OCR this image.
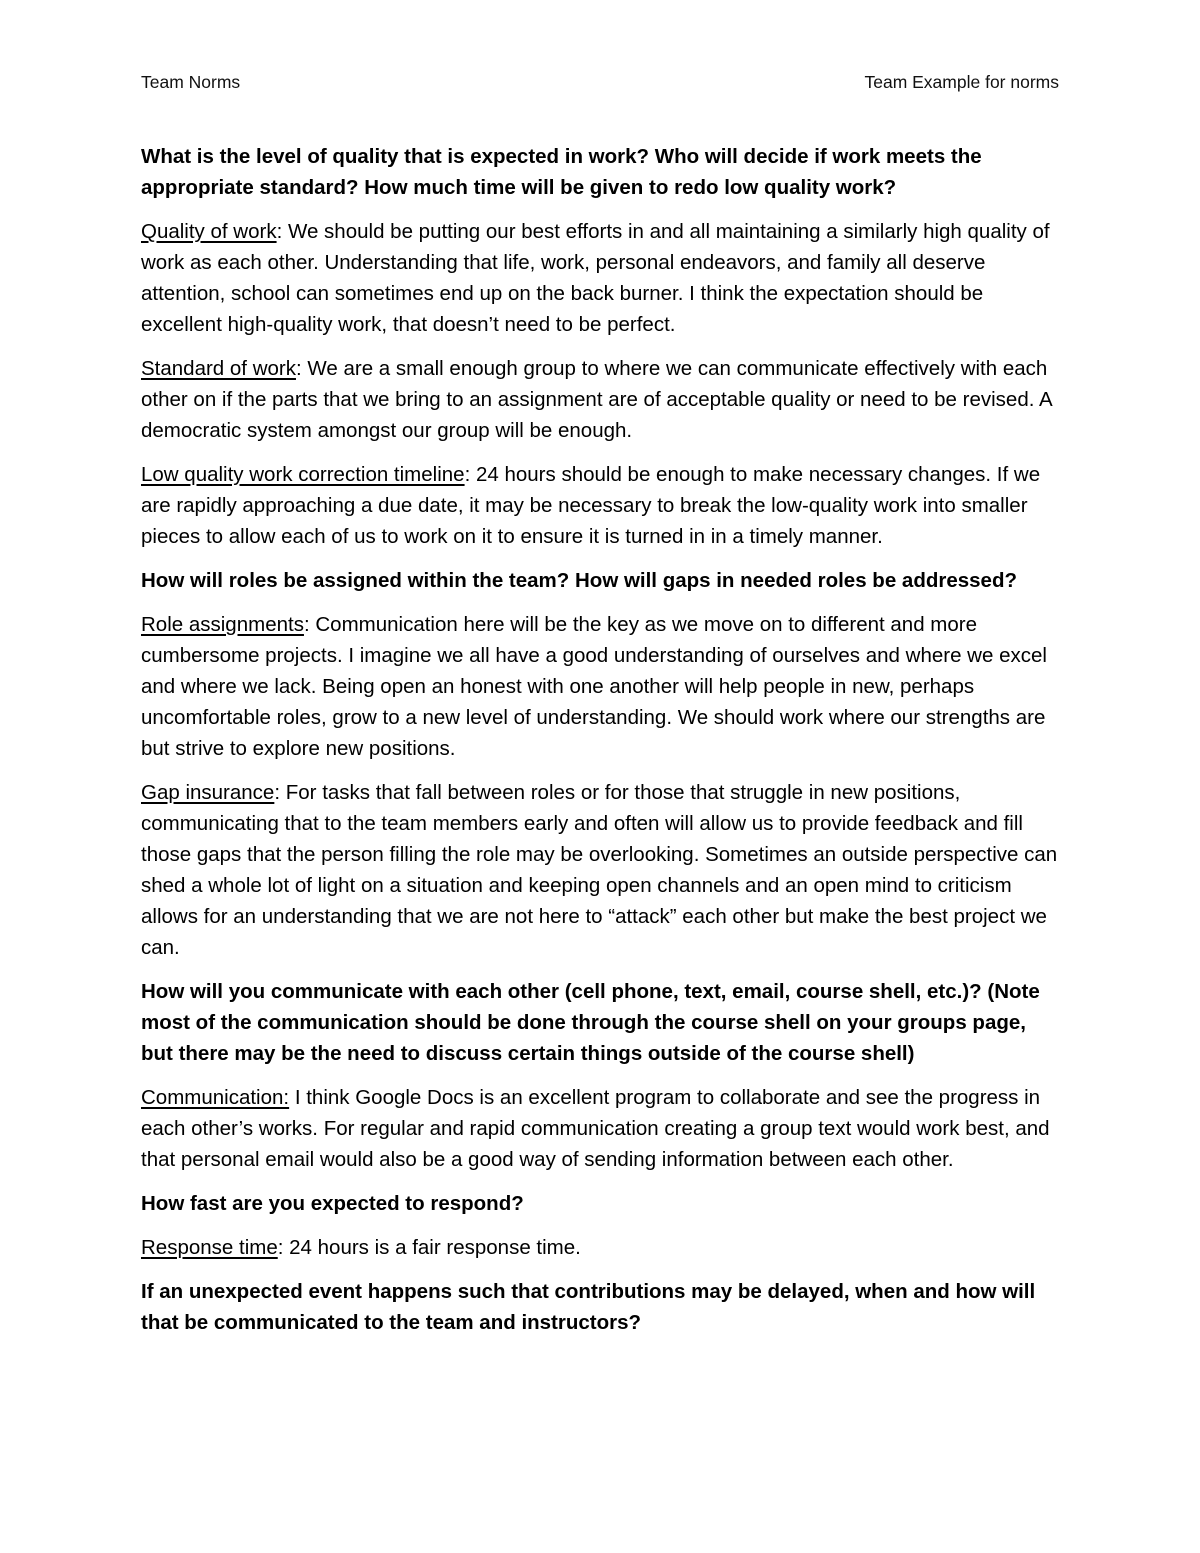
Team Norms	Team Example for norms

What is the level of quality that is expected in work? Who will decide if work meets the appropriate standard? How much time will be given to redo low quality work?

Quality of work: We should be putting our best efforts in and all maintaining a similarly high quality of work as each other. Understanding that life, work, personal endeavors, and family all deserve attention, school can sometimes end up on the back burner. I think the expectation should be excellent high-quality work, that doesn’t need to be perfect.

Standard of work: We are a small enough group to where we can communicate effectively with each other on if the parts that we bring to an assignment are of acceptable quality or need to be revised. A democratic system amongst our group will be enough.

Low quality work correction timeline: 24 hours should be enough to make necessary changes. If we are rapidly approaching a due date, it may be necessary to break the low-quality work into smaller pieces to allow each of us to work on it to ensure it is turned in in a timely manner.

How will roles be assigned within the team? How will gaps in needed roles be addressed?

Role assignments: Communication here will be the key as we move on to different and more cumbersome projects. I imagine we all have a good understanding of ourselves and where we excel and where we lack. Being open an honest with one another will help people in new, perhaps uncomfortable roles, grow to a new level of understanding. We should work where our strengths are but strive to explore new positions.

Gap insurance: For tasks that fall between roles or for those that struggle in new positions, communicating that to the team members early and often will allow us to provide feedback and fill those gaps that the person filling the role may be overlooking. Sometimes an outside perspective can shed a whole lot of light on a situation and keeping open channels and an open mind to criticism allows for an understanding that we are not here to “attack” each other but make the best project we can.

How will you communicate with each other (cell phone, text, email, course shell, etc.)? (Note most of the communication should be done through the course shell on your groups page, but there may be the need to discuss certain things outside of the course shell)

Communication: I think Google Docs is an excellent program to collaborate and see the progress in each other’s works. For regular and rapid communication creating a group text would work best, and that personal email would also be a good way of sending information between each other.

How fast are you expected to respond?

Response time: 24 hours is a fair response time.

If an unexpected event happens such that contributions may be delayed, when and how will that be communicated to the team and instructors?
